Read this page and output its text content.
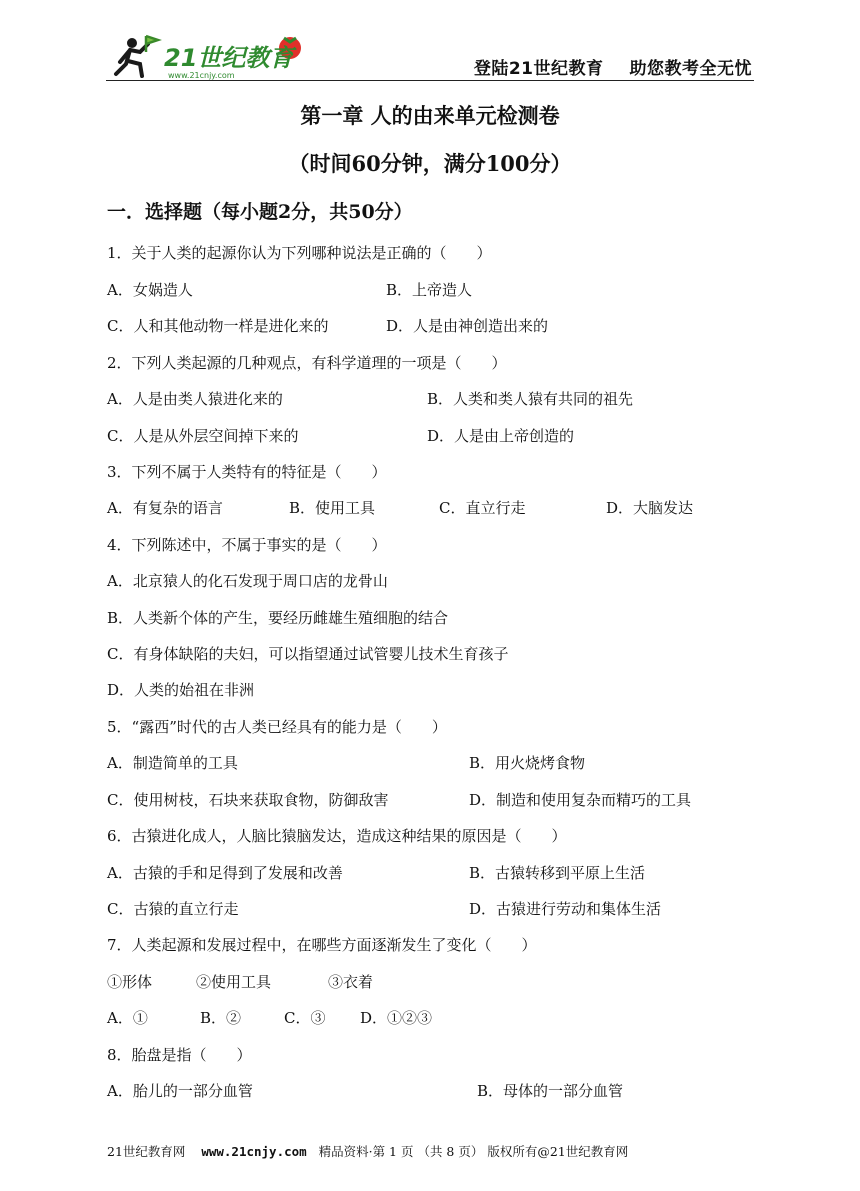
21世纪教育
www.21cnjy.com	登陆21世纪教育 助您教考全无忧
第一章 人的由来单元检测卷
（时间60分钟，满分100分）
一．选择题（每小题2分，共50分）
1．关于人类的起源你认为下列哪种说法是正确的（　　）
A．女娲造人	B．上帝造人
C．人和其他动物一样是进化来的	D．人是由神创造出来的
2．下列人类起源的几种观点，有科学道理的一项是（　　）
A．人是由类人猿进化来的	B．人类和类人猿有共同的祖先
C．人是从外层空间掉下来的	D．人是由上帝创造的
3．下列不属于人类特有的特征是（　　）
A．有复杂的语言	B．使用工具	C．直立行走	D．大脑发达
4．下列陈述中，不属于事实的是（　　）
A．北京猿人的化石发现于周口店的龙骨山
B．人类新个体的产生，要经历雌雄生殖细胞的结合
C．有身体缺陷的夫妇，可以指望通过试管婴儿技术生育孩子
D．人类的始祖在非洲
5．“露西”时代的古人类已经具有的能力是（　　）
A．制造简单的工具	B．用火烧烤食物
C．使用树枝，石块来获取食物，防御敌害	D．制造和使用复杂而精巧的工具
6．古猿进化成人，人脑比猿脑发达，造成这种结果的原因是（　　）
A．古猿的手和足得到了发展和改善	B．古猿转移到平原上生活
C．古猿的直立行走	D．古猿进行劳动和集体生活
7．人类起源和发展过程中，在哪些方面逐渐发生了变化（　　）
①形体	②使用工具	③衣着
A．①	B．②	C．③ D．①②③
8．胎盘是指（　　）
A．胎儿的一部分血管	B．母体的一部分血管
21世纪教育网 www.21cnjy.com 精品资料·第 1 页 （共 8 页） 版权所有@21世纪教育网
